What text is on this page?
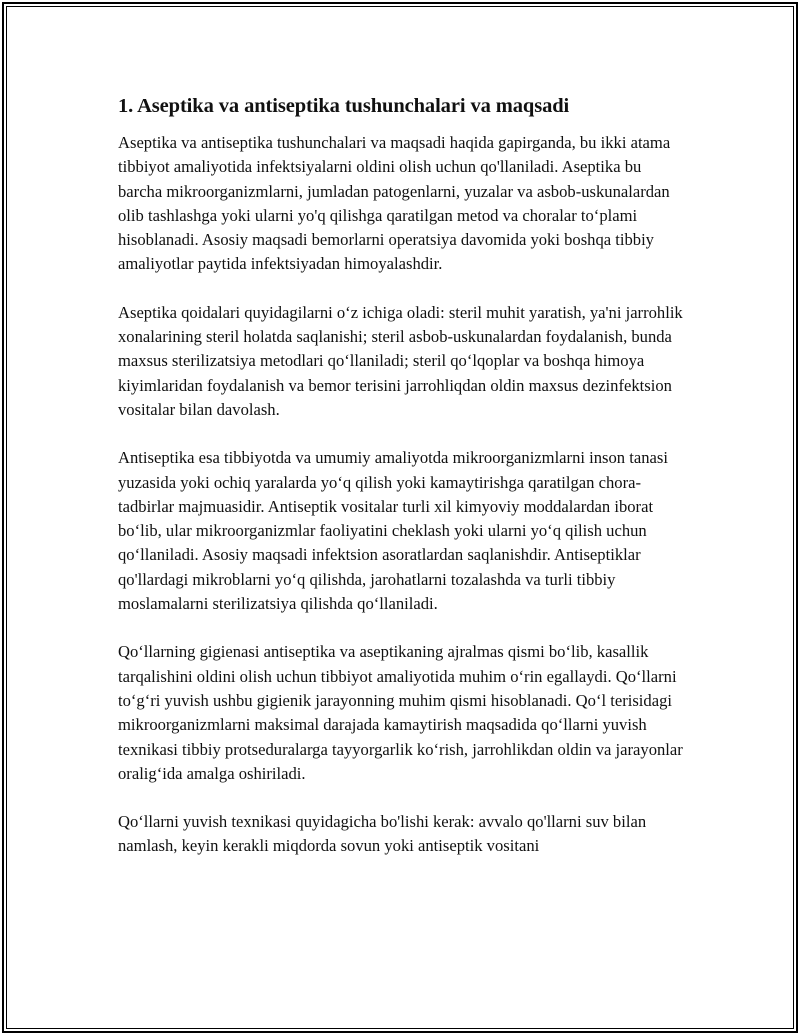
1. Aseptika va antiseptika tushunchalari va maqsadi

Aseptika va antiseptika tushunchalari va maqsadi haqida gapirganda, bu ikki atama tibbiyot amaliyotida infektsiyalarni oldini olish uchun qo'llaniladi. Aseptika bu barcha mikroorganizmlarni, jumladan patogenlarni, yuzalar va asbob-uskunalardan olib tashlashga yoki ularni yo'q qilishga qaratilgan metod va choralar to‘plami hisoblanadi. Asosiy maqsadi bemorlarni operatsiya davomida yoki boshqa tibbiy amaliyotlar paytida infektsiyadan himoyalashdir.

Aseptika qoidalari quyidagilarni o‘z ichiga oladi: steril muhit yaratish, ya'ni jarrohlik xonalarining steril holatda saqlanishi; steril asbob-uskunalardan foydalanish, bunda maxsus sterilizatsiya metodlari qo‘llaniladi; steril qo‘lqoplar va boshqa himoya kiyimlaridan foydalanish va bemor terisini jarrohliqdan oldin maxsus dezinfektsion vositalar bilan davolash.

Antiseptika esa tibbiyotda va umumiy amaliyotda mikroorganizmlarni inson tanasi yuzasida yoki ochiq yaralarda yo‘q qilish yoki kamaytirishga qaratilgan chora-tadbirlar majmuasidir. Antiseptik vositalar turli xil kimyoviy moddalardan iborat bo‘lib, ular mikroorganizmlar faoliyatini cheklash yoki ularni yo‘q qilish uchun qo‘llaniladi. Asosiy maqsadi infektsion asoratlardan saqlanishdir. Antiseptiklar qo'llardagi mikroblarni yo‘q qilishda, jarohatlarni tozalashda va turli tibbiy moslamalarni sterilizatsiya qilishda qo‘llaniladi.

Qo‘llarning gigienasi antiseptika va aseptikaning ajralmas qismi bo‘lib, kasallik tarqalishini oldini olish uchun tibbiyot amaliyotida muhim o‘rin egallaydi. Qo‘llarni to‘g‘ri yuvish ushbu gigienik jarayonning muhim qismi hisoblanadi. Qo‘l terisidagi mikroorganizmlarni maksimal darajada kamaytirish maqsadida qo‘llarni yuvish texnikasi tibbiy protseduralarga tayyorgarlik ko‘rish, jarrohlikdan oldin va jarayonlar oralig‘ida amalga oshiriladi.

Qo‘llarni yuvish texnikasi quyidagicha bo'lishi kerak: avvalo qo'llarni suv bilan namlash, keyin kerakli miqdorda sovun yoki antiseptik vositani
